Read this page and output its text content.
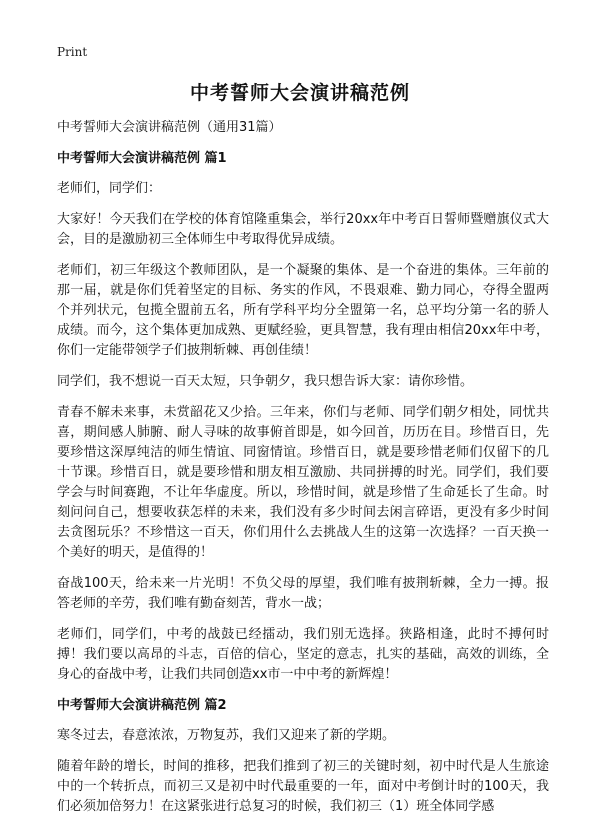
Print
中考誓师大会演讲稿范例

中考誓师大会演讲稿范例（通用31篇）

中考誓师大会演讲稿范例 篇1

老师们，同学们：

大家好！今天我们在学校的体育馆隆重集会，举行20xx年中考百日誓师暨赠旗仪式大会，目的是激励初三全体师生中考取得优异成绩。

老师们，初三年级这个教师团队，是一个凝聚的集体、是一个奋进的集体。三年前的那一届，就是你们凭着坚定的目标、务实的作风，不畏艰难、勤力同心，夺得全盟两个并列状元，包揽全盟前五名，所有学科平均分全盟第一名，总平均分第一名的骄人成绩。而今，这个集体更加成熟、更赋经验，更具智慧，我有理由相信20xx年中考，你们一定能带领学子们披荆斩棘、再创佳绩！

同学们，我不想说一百天太短，只争朝夕，我只想告诉大家：请你珍惜。

青春不解未来事，未赏韶花又少拾。三年来，你们与老师、同学们朝夕相处，同忧共喜，期间感人肺腑、耐人寻味的故事俯首即是，如今回首，历历在目。珍惜百日，先要珍惜这深厚纯洁的师生情谊、同窗情谊。珍惜百日，就是要珍惜老师们仅留下的几十节课。珍惜百日，就是要珍惜和朋友相互激励、共同拼搏的时光。同学们，我们要学会与时间赛跑，不让年华虚度。所以，珍惜时间，就是珍惜了生命延长了生命。时刻问问自己，想要收获怎样的未来，我们没有多少时间去闲言碎语，更没有多少时间去贪图玩乐？不珍惜这一百天，你们用什么去挑战人生的这第一次选择？一百天换一个美好的明天，是值得的！

奋战100天，给未来一片光明！不负父母的厚望，我们唯有披荆斩棘，全力一搏。报答老师的辛劳，我们唯有勤奋刻苦，背水一战；

老师们，同学们，中考的战鼓已经擂动，我们别无选择。狭路相逢，此时不搏何时搏！我们要以高昂的斗志，百倍的信心，坚定的意志，扎实的基础，高效的训练，全身心的奋战中考，让我们共同创造xx市一中中考的新辉煌！

中考誓师大会演讲稿范例 篇2

寒冬过去，春意浓浓，万物复苏，我们又迎来了新的学期。

随着年龄的增长，时间的推移，把我们推到了初三的关键时刻，初中时代是人生旅途中的一个转折点，而初三又是初中时代最重要的一年，面对中考倒计时的100天，我们必须加倍努力！在这紧张进行总复习的时候，我们初三（1）班全体同学感
